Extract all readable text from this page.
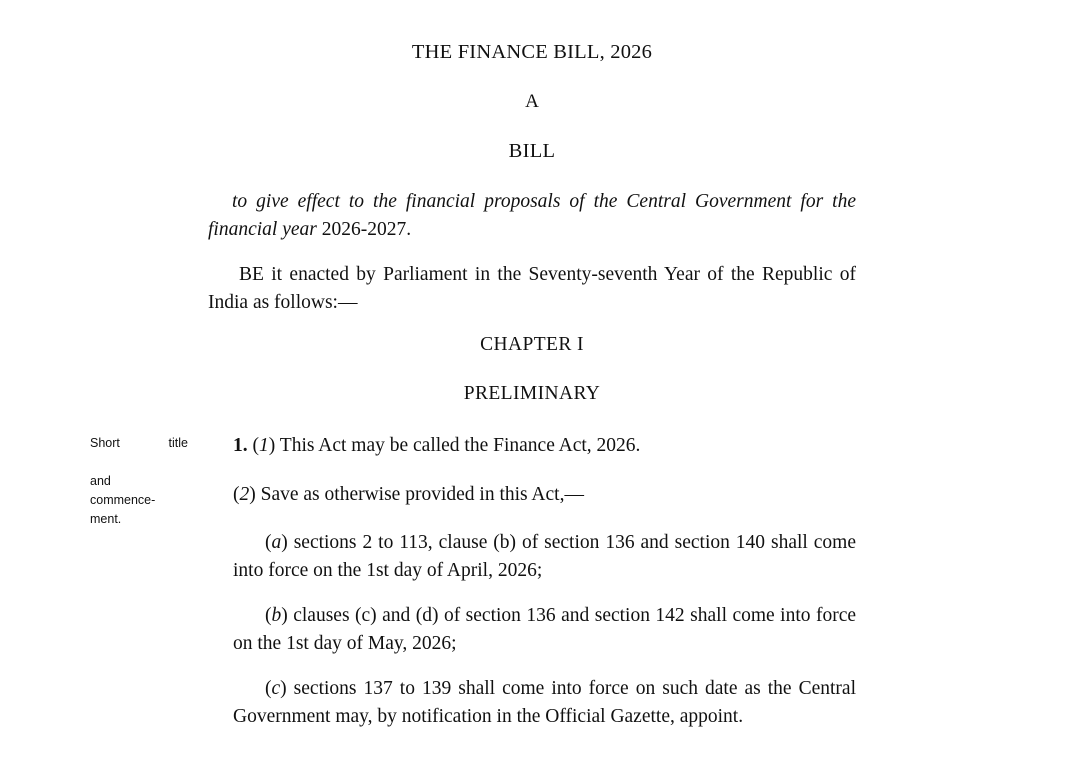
THE FINANCE BILL, 2026
A
BILL
to give effect to the financial proposals of the Central Government for the financial year 2026-2027.
BE it enacted by Parliament in the Seventy-seventh Year of the Republic of India as follows:—
CHAPTER I
PRELIMINARY
Short	title
and
commence-
ment.
1. (1) This Act may be called the Finance Act, 2026.
(2) Save as otherwise provided in this Act,—
(a) sections 2 to 113, clause (b) of section 136 and section 140 shall come into force on the 1st day of April, 2026;
(b) clauses (c) and (d) of section 136 and section 142 shall come into force on the 1st day of May, 2026;
(c) sections 137 to 139 shall come into force on such date as the Central Government may, by notification in the Official Gazette, appoint.
